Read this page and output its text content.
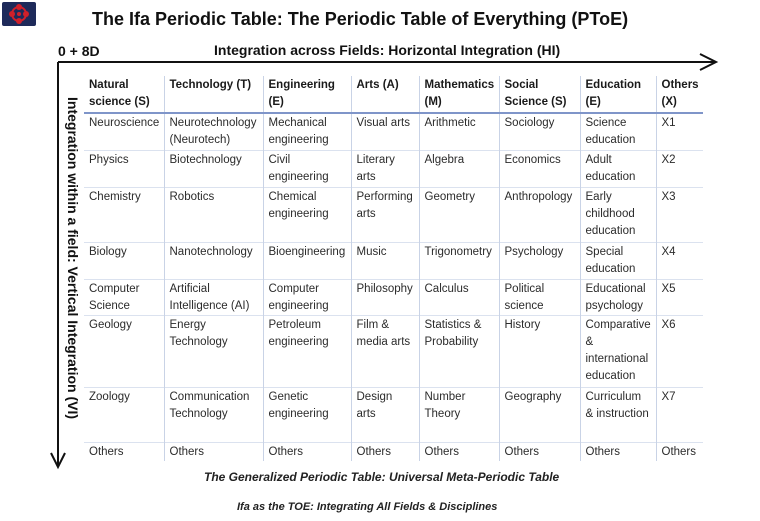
The Ifa Periodic Table: The Periodic Table of Everything (PToE)
0 + 8D	Integration across Fields: Horizontal Integration (HI)
Integration within a field: Vertical Integration (VI)
Natural science (S)	Technology (T)	Engineering (E)	Arts (A)	Mathematics (M)	Social Science (S)	Education (E)	Others (X)
Neuroscience	Neurotechnology (Neurotech)	Mechanical engineering	Visual arts	Arithmetic	Sociology	Science education	X1
Physics	Biotechnology	Civil engineering	Literary arts	Algebra	Economics	Adult education	X2
Chemistry	Robotics	Chemical engineering	Performing arts	Geometry	Anthropology	Early childhood education	X3
Biology	Nanotechnology	Bioengineering	Music	Trigonometry	Psychology	Special education	X4
Computer Science	Artificial Intelligence (AI)	Computer engineering	Philosophy	Calculus	Political science	Educational psychology	X5
Geology	Energy Technology	Petroleum engineering	Film & media arts	Statistics & Probability	History	Comparative & international education	X6
Zoology	Communication Technology	Genetic engineering	Design arts	Number Theory	Geography	Curriculum & instruction	X7
Others	Others	Others	Others	Others	Others	Others	Others
The Generalized Periodic Table: Universal Meta-Periodic Table
Ifa as the TOE: Integrating All Fields & Disciplines
